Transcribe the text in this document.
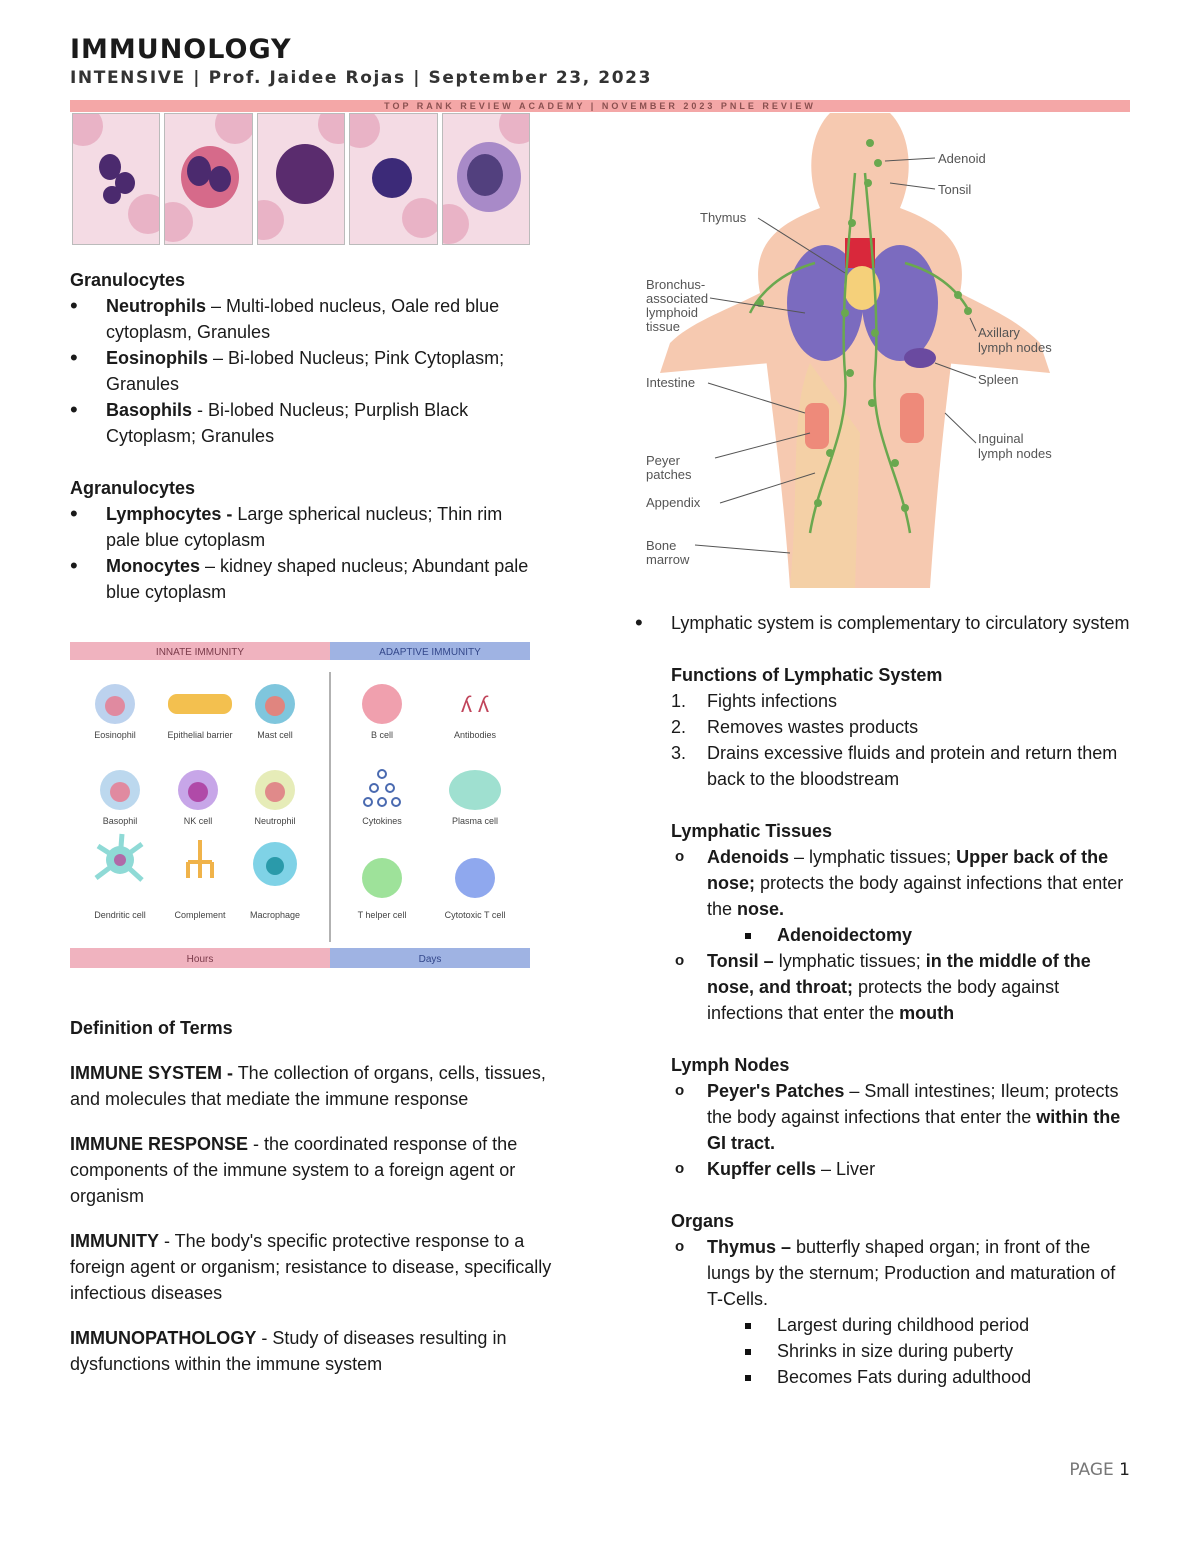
IMMUNOLOGY
INTENSIVE | Prof. Jaidee Rojas | September 23, 2023
TOP RANK REVIEW ACADEMY | NOVEMBER 2023 PNLE REVIEW

Granulocytes

• Neutrophils – Multi-lobed nucleus, Oale red blue cytoplasm, Granules
• Eosinophils – Bi-lobed Nucleus; Pink Cytoplasm; Granules
• Basophils - Bi-lobed Nucleus; Purplish Black Cytoplasm; Granules

Agranulocytes

• Lymphocytes - Large spherical nucleus; Thin rim pale blue cytoplasm
• Monocytes – kidney shaped nucleus; Abundant pale blue cytoplasm
INNATE IMMUNITY	ADAPTIVE IMMUNITY
Hours	Days
Eosinophil	Epithelial barrier	Mast cell
Basophil	NK cell	Neutrophil
Dendritic cell	Complement	Macrophage
B cell
ʎ ʎ
Antibodies
Cytokines	Plasma cell
T helper cell	Cytotoxic T cell

Definition of Terms

IMMUNE SYSTEM - The collection of organs, cells, tissues, and molecules that mediate the immune response

IMMUNE RESPONSE - the coordinated response of the components of the immune system to a foreign agent or organism

IMMUNITY - The body's specific protective response to a foreign agent or organism; resistance to disease, specifically infectious diseases

IMMUNOPATHOLOGY - Study of diseases resulting in dysfunctions within the immune system

Adenoid
Tonsil
Thymus
Bronchus-
associated
lymphoid
tissue	Axillary
lymph nodes
Spleen
Intestine
Inguinal
lymph nodes
Peyer
patches
Appendix
Bone
marrow
• Lymphatic system is complementary to circulatory system

Functions of Lymphatic System

1. Fights infections
2. Removes wastes products
3. Drains excessive fluids and protein and return them back to the bloodstream

Lymphatic Tissues

o Adenoids – lymphatic tissues; Upper back of the nose; protects the body against infections that enter the nose.
Adenoidectomy
o Tonsil – lymphatic tissues; in the middle of the nose, and throat; protects the body against infections that enter the mouth

Lymph Nodes

o Peyer's Patches – Small intestines; Ileum; protects the body against infections that enter the within the GI tract.
o Kupffer cells – Liver

Organs

o Thymus – butterfly shaped organ; in front of the lungs by the sternum; Production and maturation of T-Cells.
Largest during childhood period
Shrinks in size during puberty
Becomes Fats during adulthood
PAGE 1
